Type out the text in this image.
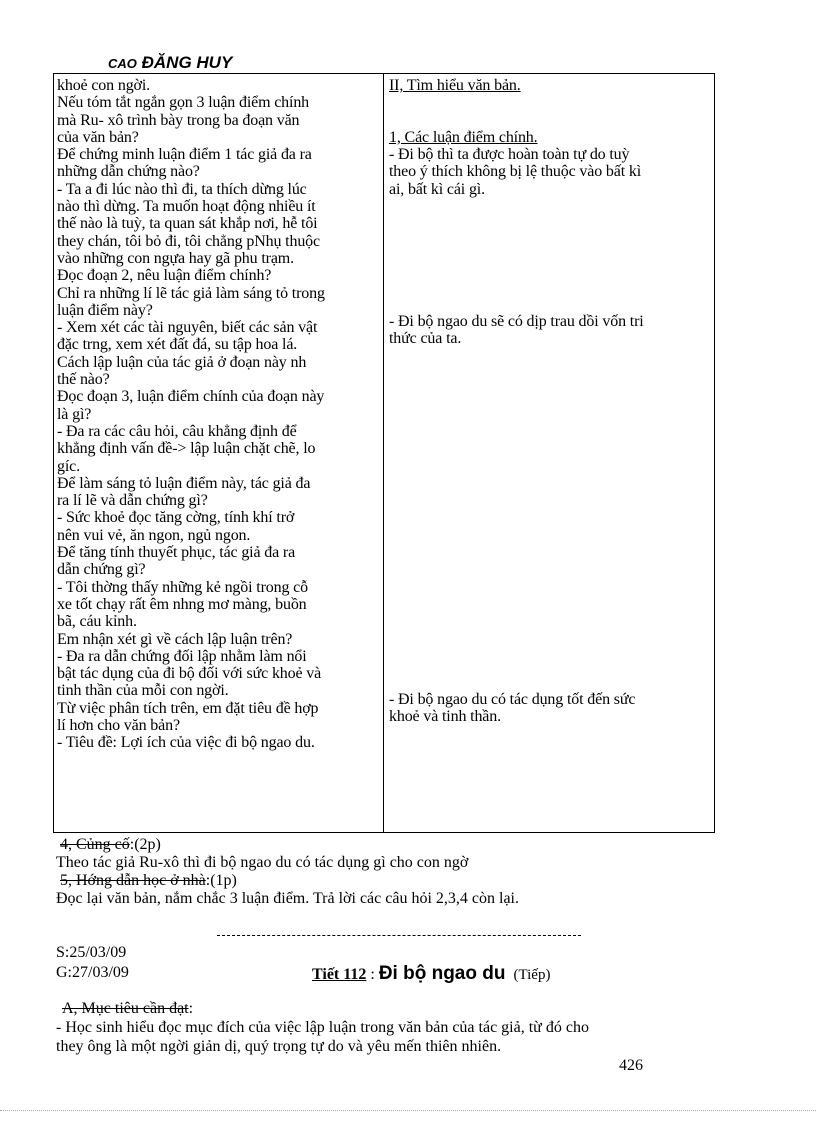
CAO ĐĂNG HUY
khoẻ con ngời.
Nếu tóm tắt ngắn gọn 3 luận điểm chính
mà Ru- xô trình bày trong ba đoạn văn
của văn bản?
Để chứng minh luận điểm 1 tác giả đa ra
những dẫn chứng nào?
- Ta a đi lúc nào thì đi, ta thích dừng lúc
nào thì dừng. Ta muốn hoạt động nhiều ít
thế nào là tuỳ, ta quan sát khắp nơi, hễ tôi
they chán, tôi bỏ đi, tôi chẳng pNhụ thuộc
vào những con ngựa hay gã phu trạm.
Đọc đoạn 2, nêu luận điểm chính?
Chỉ ra những lí lẽ tác giả làm sáng tỏ trong
luận điểm này?
- Xem xét các tài nguyên, biết các sản vật
đặc trng, xem xét đất đá, su tập hoa lá.
Cách lập luận của tác giả ở đoạn này nh
thế nào?
Đọc đoạn 3, luận điểm chính của đoạn này
là gì?
- Đa ra các câu hỏi, câu khẳng định để
khẳng định vấn đề-> lập luận chặt chẽ, lo
gíc.
Để làm sáng tỏ luận điểm này, tác giả đa
ra lí lẽ và dẫn chứng gì?
- Sức khoẻ đọc tăng cờng, tính khí trở
nên vui vẻ, ăn ngon, ngủ ngon.
Để tăng tính thuyết phục, tác giả đa ra
dẫn chứng gì?
- Tôi thờng thấy những kẻ ngồi trong cỗ
xe tốt chạy rất êm nhng mơ màng, buồn
bã, cáu kỉnh.
Em nhận xét gì về cách lập luận trên?
- Đa ra dẫn chứng đối lập nhằm làm nổi
bật tác dụng của đi bộ đối với sức khoẻ và
tinh thần của mỗi con ngời.
Từ việc phân tích trên, em đặt tiêu đề hợp
lí hơn cho văn bản?
- Tiêu đề: Lợi ích của việc đi bộ ngao du.
II, Tìm hiểu văn bản.
1, Các luận điểm chính.
- Đi bộ thì ta được hoàn toàn tự do tuỳ
theo ý thích không bị lệ thuộc vào bất kì
ai, bất kì cái gì.
- Đi bộ ngao du sẽ có dịp trau dồi vốn tri
thức của ta.
- Đi bộ ngao du có tác dụng tốt đến sức
khoẻ và tinh thần.
4, Củng cố:(2p)
Theo tác giả Ru-xô thì đi bộ ngao du có tác dụng gì cho con ngờ
5, Hớng dẫn học ở nhà:(1p)
Đọc lại văn bản, nắm chắc 3 luận điểm. Trả lời các câu hỏi 2,3,4 còn lại.
S:25/03/09
G:27/03/09	Tiết 112 : Đi bộ ngao du (Tiếp)
A, Mục tiêu cần đạt:
- Học sinh hiểu đọc mục đích của việc lập luận trong văn bản của tác giả, từ đó cho
they ông là một ngời giản dị, quý trọng tự do và yêu mến thiên nhiên.
426
